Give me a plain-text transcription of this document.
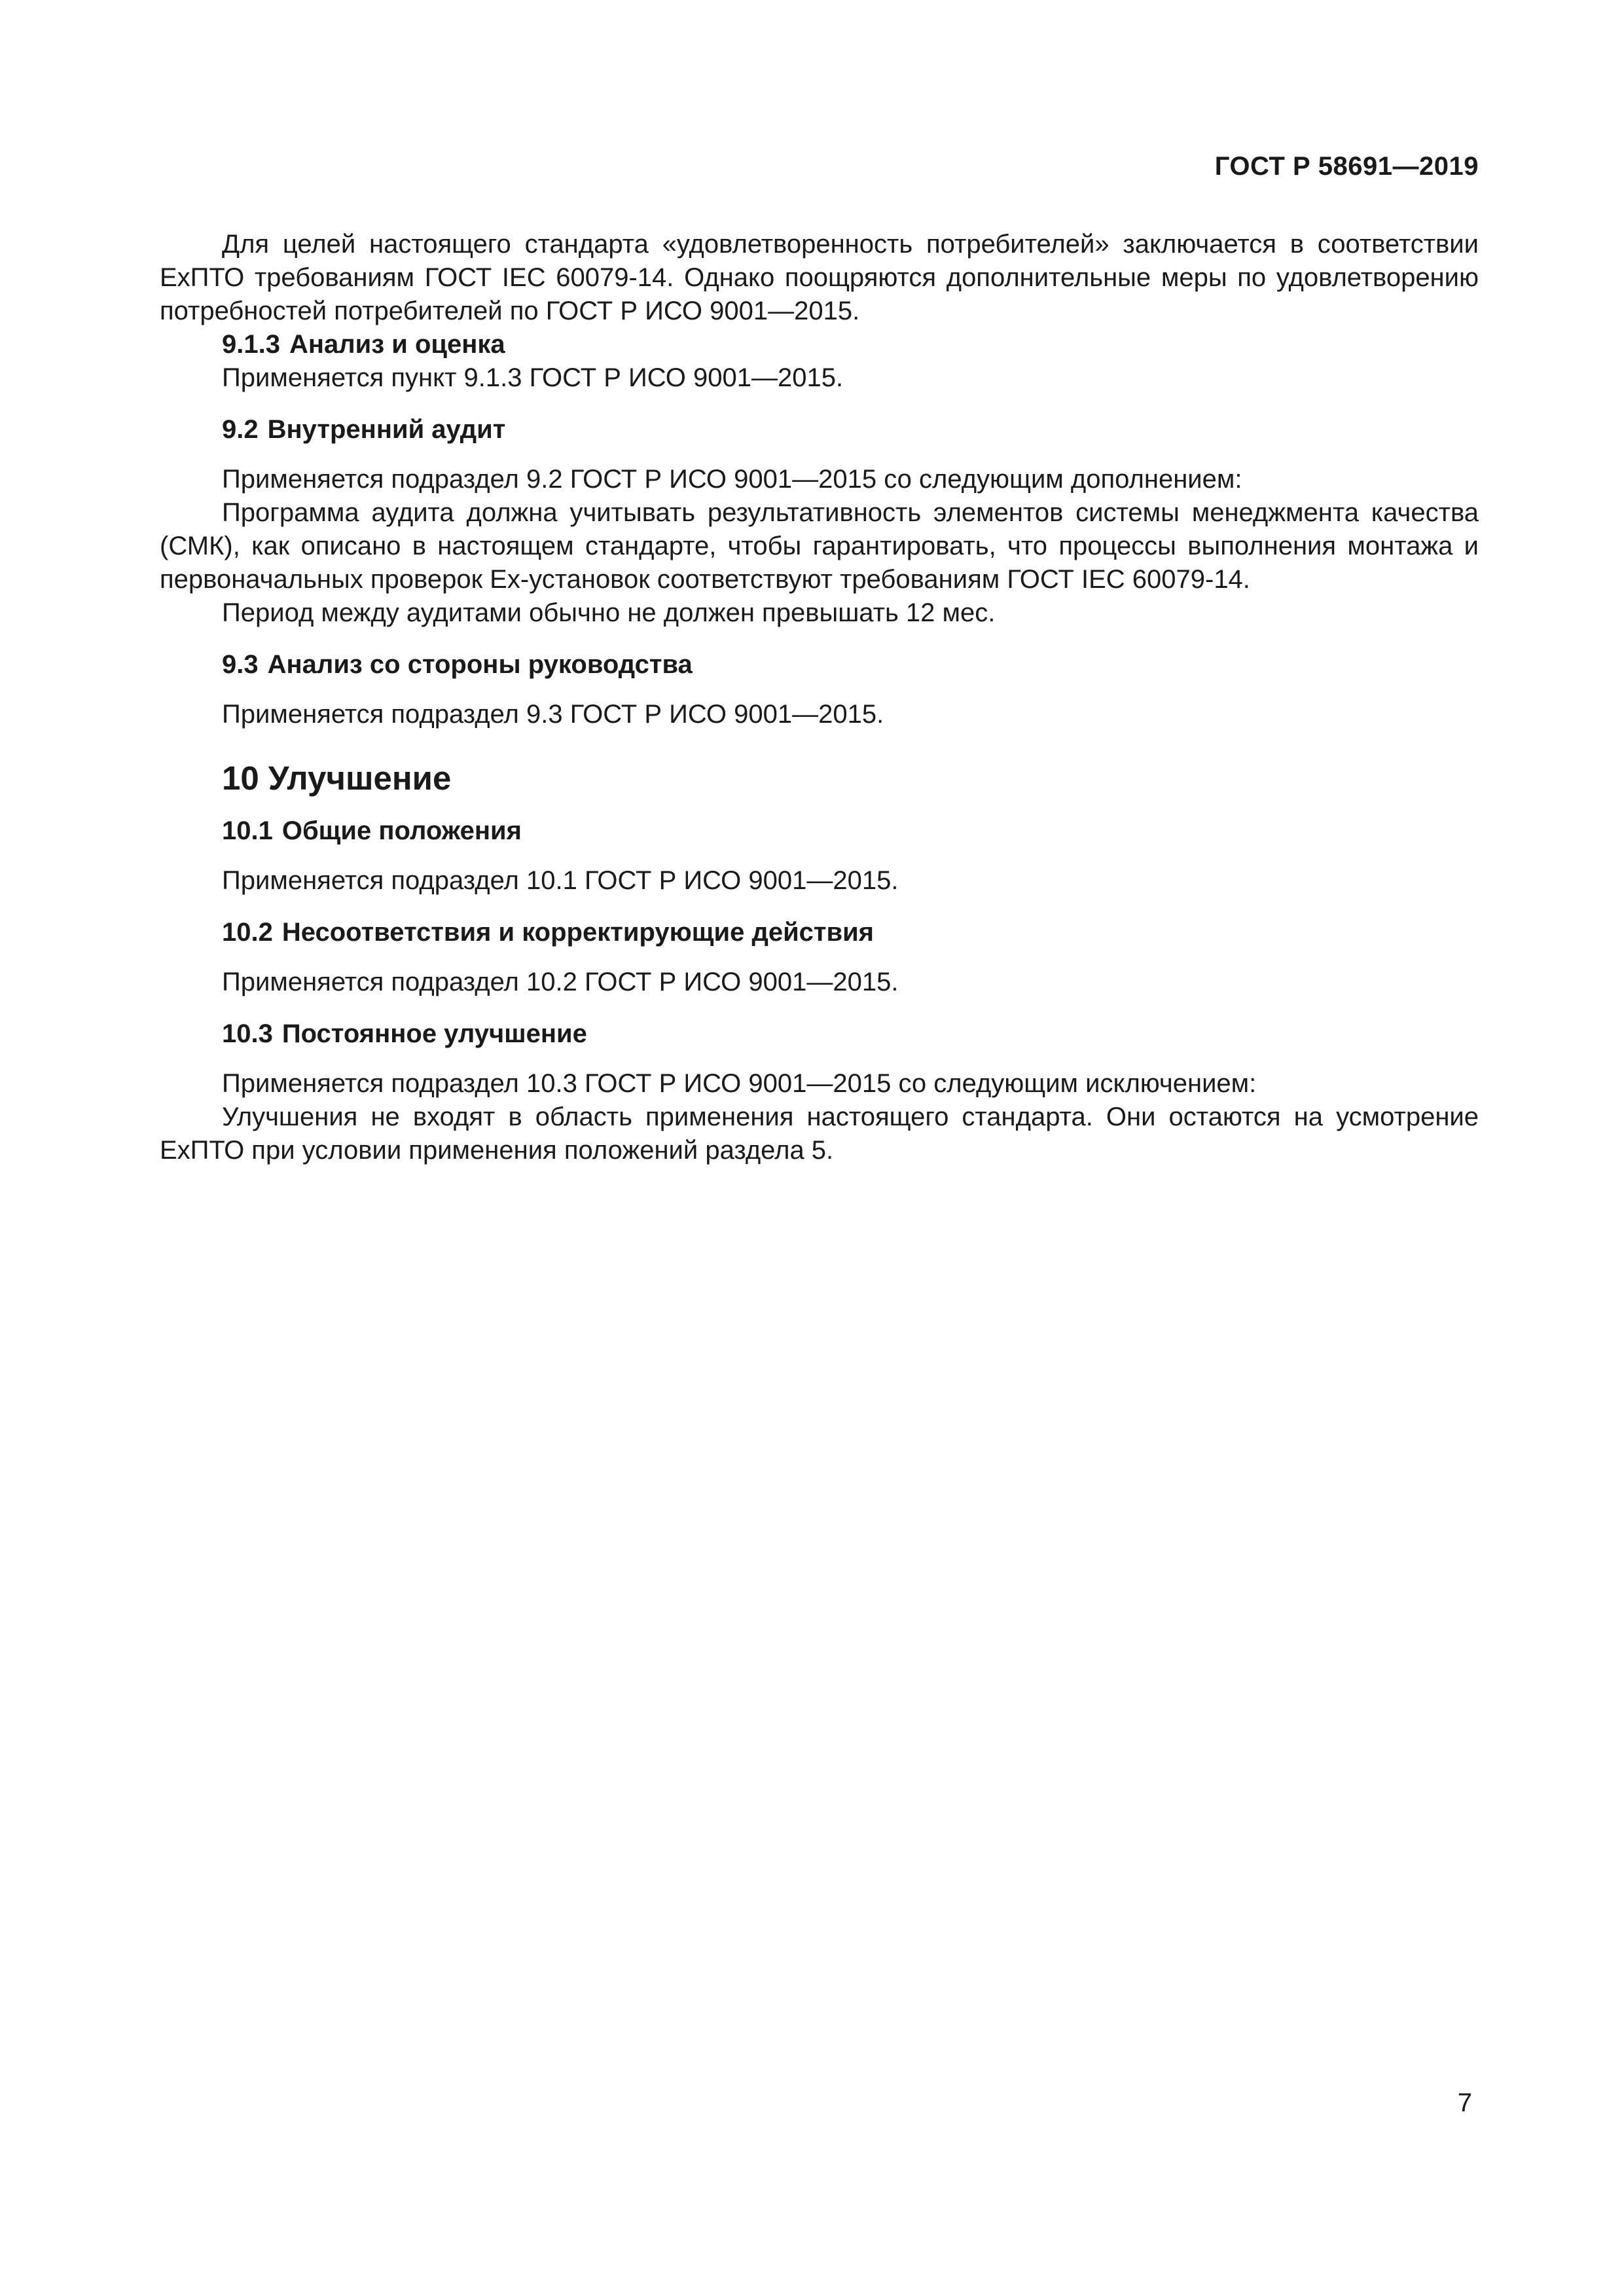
ГОСТ Р 58691—2019

Для целей настоящего стандарта «удовлетворенность потребителей» заключается в соответствии ExПТО требованиям ГОСТ IEC 60079-14. Однако поощряются дополнительные меры по удовлетворению потребностей потребителей по ГОСТ Р ИСО 9001—2015.

9.1.3 Анализ и оценка

Применяется пункт 9.1.3 ГОСТ Р ИСО 9001—2015.

9.2 Внутренний аудит

Применяется подраздел 9.2 ГОСТ Р ИСО 9001—2015 со следующим дополнением:

Программа аудита должна учитывать результативность элементов системы менеджмента качества (СМК), как описано в настоящем стандарте, чтобы гарантировать, что процессы выполнения монтажа и первоначальных проверок Ex-установок соответствуют требованиям ГОСТ IEC 60079-14.

Период между аудитами обычно не должен превышать 12 мес.

9.3 Анализ со стороны руководства

Применяется подраздел 9.3 ГОСТ Р ИСО 9001—2015.

10 Улучшение
10.1 Общие положения

Применяется подраздел 10.1 ГОСТ Р ИСО 9001—2015.

10.2 Несоответствия и корректирующие действия

Применяется подраздел 10.2 ГОСТ Р ИСО 9001—2015.

10.3 Постоянное улучшение

Применяется подраздел 10.3 ГОСТ Р ИСО 9001—2015 со следующим исключением:

Улучшения не входят в область применения настоящего стандарта. Они остаются на усмотрение ExПТО при условии применения положений раздела 5.

7
